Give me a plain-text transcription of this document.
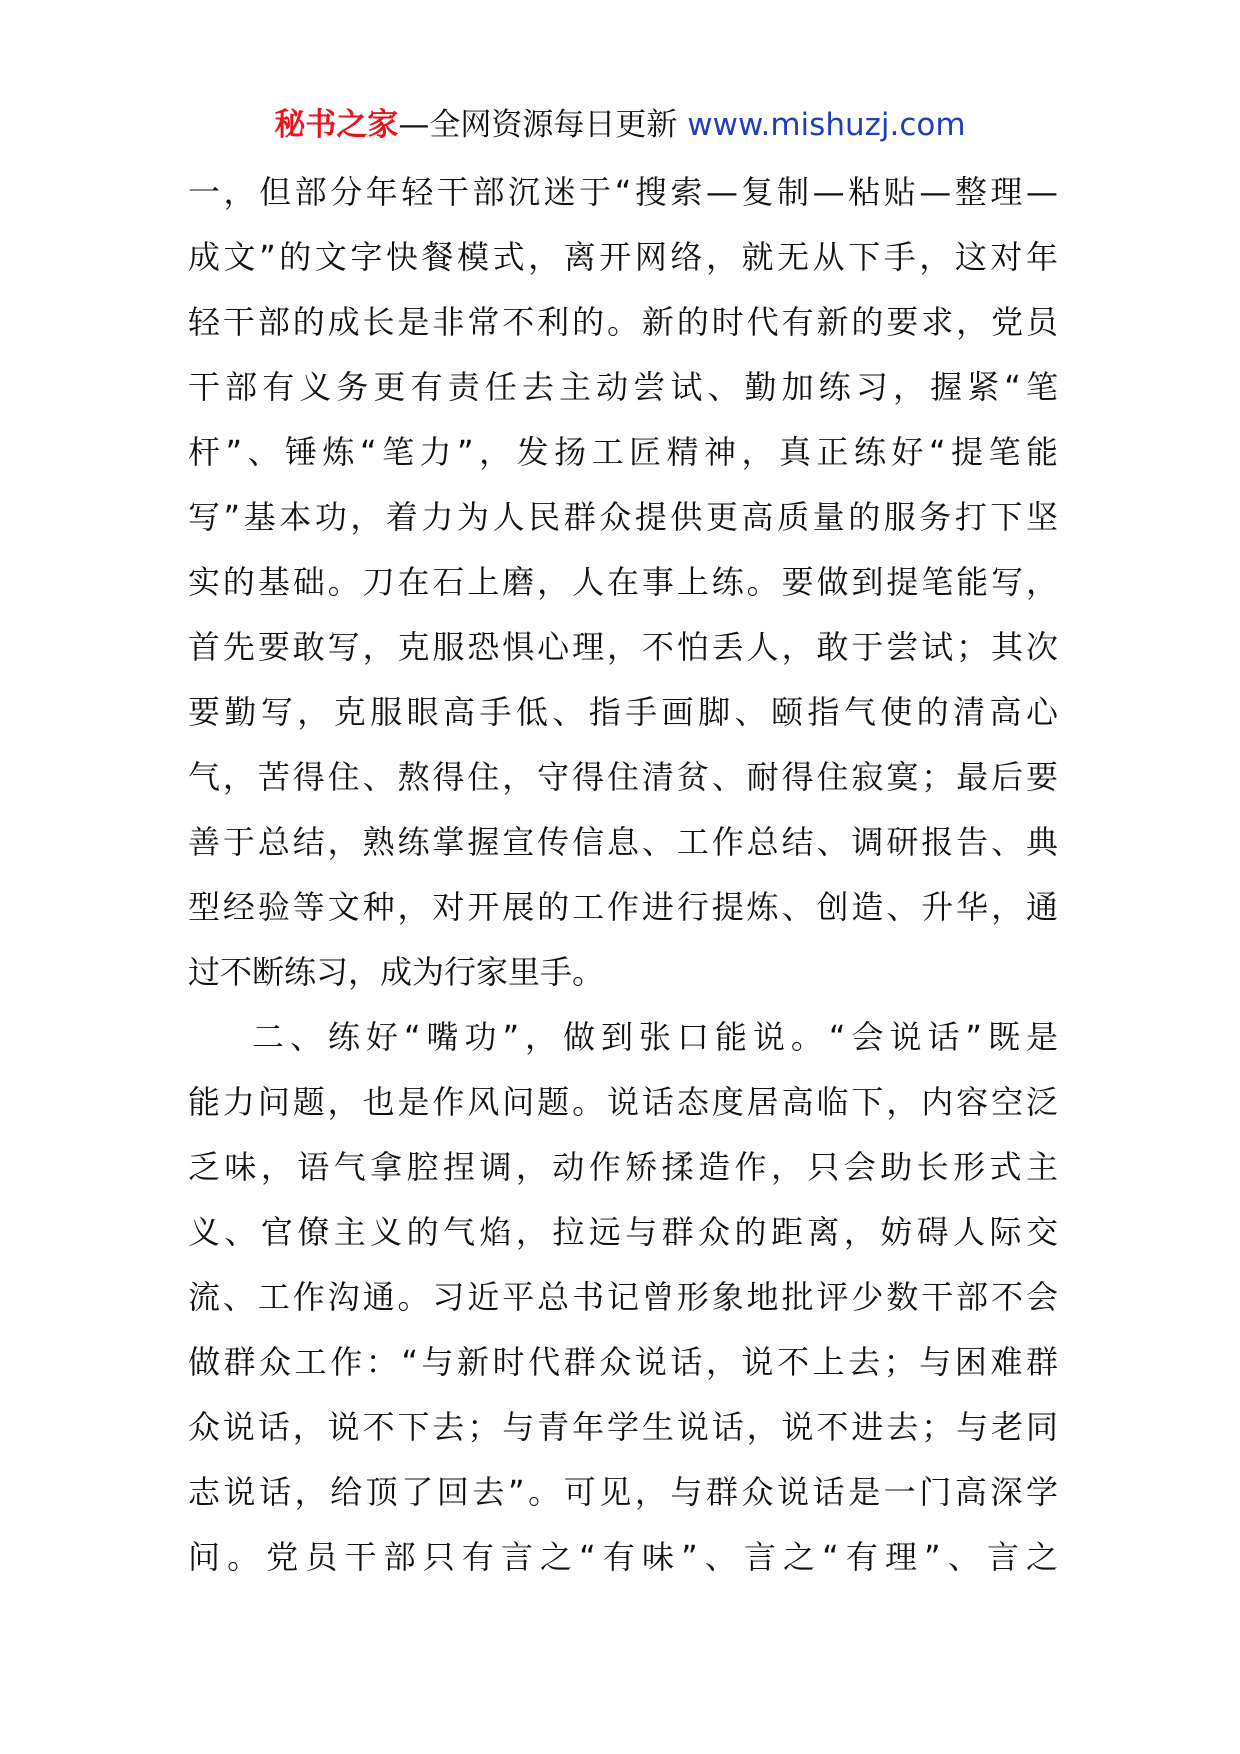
秘书之家—全网资源每日更新 www.mishuzj.com
一，但部分年轻干部沉迷于“搜索—复制—粘贴—整理—
成文”的文字快餐模式，离开网络，就无从下手，这对年
轻干部的成长是非常不利的。新的时代有新的要求，党员
干部有义务更有责任去主动尝试、勤加练习，握紧“笔
杆”、锤炼“笔力”，发扬工匠精神，真正练好“提笔能
写”基本功，着力为人民群众提供更高质量的服务打下坚
实的基础。刀在石上磨，人在事上练。要做到提笔能写，
首先要敢写，克服恐惧心理，不怕丢人，敢于尝试；其次
要勤写，克服眼高手低、指手画脚、颐指气使的清高心
气，苦得住、熬得住，守得住清贫、耐得住寂寞；最后要
善于总结，熟练掌握宣传信息、工作总结、调研报告、典
型经验等文种，对开展的工作进行提炼、创造、升华，通
过不断练习，成为行家里手。
二、练好“嘴功”，做到张口能说。“会说话”既是
能力问题，也是作风问题。说话态度居高临下，内容空泛
乏味，语气拿腔捏调，动作矫揉造作，只会助长形式主
义、官僚主义的气焰，拉远与群众的距离，妨碍人际交
流、工作沟通。习近平总书记曾形象地批评少数干部不会
做群众工作：“与新时代群众说话，说不上去；与困难群
众说话，说不下去；与青年学生说话，说不进去；与老同
志说话，给顶了回去”。可见，与群众说话是一门高深学
问。党员干部只有言之“有味”、言之“有理”、言之
